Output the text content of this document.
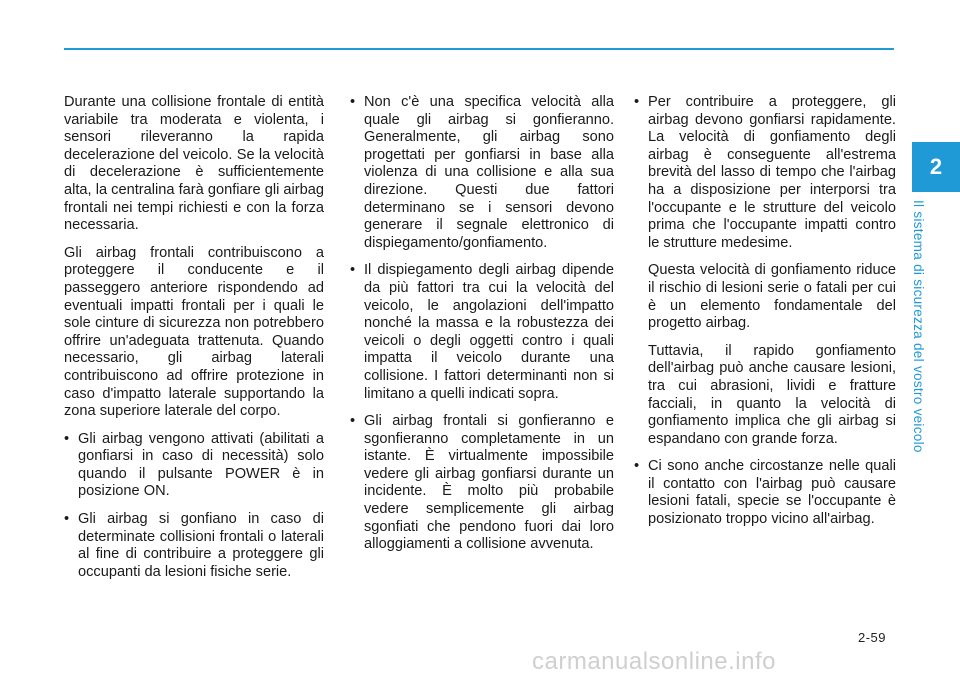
Durante una collisione frontale di entità variabile tra moderata e violenta, i sensori rileveranno la rapida decelerazione del veicolo. Se la velocità di decelerazione è sufficientemente alta, la centralina farà gonfiare gli airbag frontali nei tempi richiesti e con la forza necessaria.

Gli airbag frontali contribuiscono a proteggere il conducente e il passeggero anteriore rispondendo ad eventuali impatti frontali per i quali le sole cinture di sicurezza non potrebbero offrire un'adeguata trattenuta. Quando necessario, gli airbag laterali contribuiscono ad offrire protezione in caso d'impatto laterale supportando la zona superiore laterale del corpo.

• Gli airbag vengono attivati (abilitati a gonfiarsi in caso di necessità) solo quando il pulsante POWER è in posizione ON.
• Gli airbag si gonfiano in caso di determinate collisioni frontali o laterali al fine di contribuire a proteggere gli occupanti da lesioni fisiche serie.
• Non c'è una specifica velocità alla quale gli airbag si gonfieranno. Generalmente, gli airbag sono progettati per gonfiarsi in base alla violenza di una collisione e alla sua direzione. Questi due fattori determinano se i sensori devono generare il segnale elettronico di dispiegamento/gonfiamento.
• Il dispiegamento degli airbag dipende da più fattori tra cui la velocità del veicolo, le angolazioni dell'impatto nonché la massa e la robustezza dei veicoli o degli oggetti contro i quali impatta il veicolo durante una collisione. I fattori determinanti non si limitano a quelli indicati sopra.
• Gli airbag frontali si gonfieranno e sgonfieranno completamente in un istante. È virtualmente impossibile vedere gli airbag gonfiarsi durante un incidente. È molto più probabile vedere semplicemente gli airbag sgonfiati che pendono fuori dai loro alloggiamenti a collisione avvenuta.
• Per contribuire a proteggere, gli airbag devono gonfiarsi rapidamente. La velocità di gonfiamento degli airbag è conseguente all'estrema brevità del lasso di tempo che l'airbag ha a disposizione per interporsi tra l'occupante e le strutture del veicolo prima che l'occupante impatti contro le strutture medesime.

Questa velocità di gonfiamento riduce il rischio di lesioni serie o fatali per cui è un elemento fondamentale del progetto airbag.

Tuttavia, il rapido gonfiamento dell'airbag può anche causare lesioni, tra cui abrasioni, lividi e fratture facciali, in quanto la velocità di gonfiamento implica che gli airbag si espandano con grande forza.

• Ci sono anche circostanze nelle quali il contatto con l'airbag può causare lesioni fatali, specie se l'occupante è posizionato troppo vicino all'airbag.
2
Il sistema di sicurezza del vostro veicolo
2-59
carmanualsonline.info
